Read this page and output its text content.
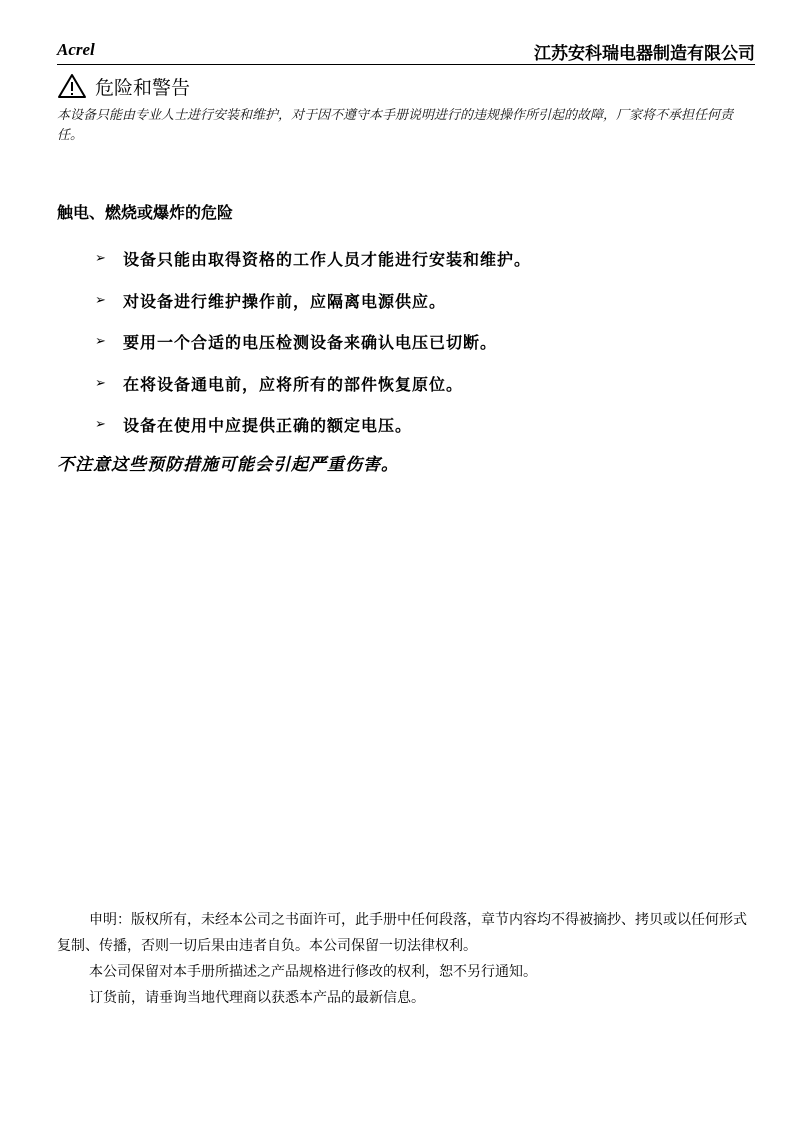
Acrel	江苏安科瑞电器制造有限公司
危险和警告
本设备只能由专业人士进行安装和维护，对于因不遵守本手册说明进行的违规操作所引起的故障，厂家将不承担任何责任。
触电、燃烧或爆炸的危险
➢	设备只能由取得资格的工作人员才能进行安装和维护。
➢	对设备进行维护操作前，应隔离电源供应。
➢	要用一个合适的电压检测设备来确认电压已切断。
➢	在将设备通电前，应将所有的部件恢复原位。
➢	设备在使用中应提供正确的额定电压。
不注意这些预防措施可能会引起严重伤害。

申明：版权所有，未经本公司之书面许可，此手册中任何段落，章节内容均不得被摘抄、拷贝或以任何形式复制、传播，否则一切后果由违者自负。本公司保留一切法律权利。

本公司保留对本手册所描述之产品规格进行修改的权利，恕不另行通知。

订货前，请垂询当地代理商以获悉本产品的最新信息。
